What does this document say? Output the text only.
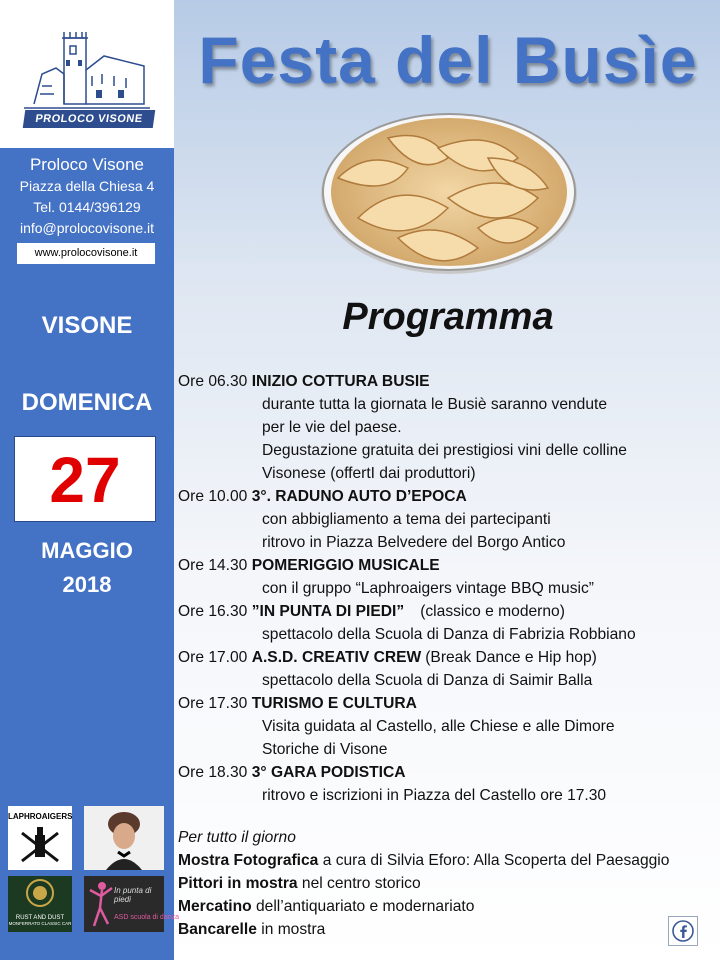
PROLOCO VISONE
Proloco Visone
Piazza della Chiesa 4
Tel. 0144/396129
info@prolocovisone.it
www.prolocovisone.it
VISONE
DOMENICA
27
MAGGIO
2018
LAPHROAIGERS
RUST AND DUST
MONFERRATO CLASSIC CAR
In punta di piedi
ASD scuola di danza
Festa del Busìe
Programma
Ore 06.30 INIZIO COTTURA BUSIE
durante tutta la giornata le Busiè saranno vendute
per le vie del paese.
Degustazione gratuita dei prestigiosi vini delle colline
Visonese (offertI dai produttori)
Ore 10.00 3°. RADUNO AUTO D’EPOCA
con abbigliamento a tema dei partecipanti
ritrovo in Piazza Belvedere del Borgo Antico
Ore 14.30 POMERIGGIO MUSICALE
con il gruppo “Laphroaigers vintage BBQ music”
Ore 16.30 ”IN PUNTA DI PIEDI” (classico e moderno)
spettacolo della Scuola di Danza di Fabrizia Robbiano
Ore 17.00 A.S.D. CREATIV CREW (Break Dance e Hip hop)
spettacolo della Scuola di Danza di Saimir Balla
Ore 17.30 TURISMO E CULTURA
Visita guidata al Castello, alle Chiese e alle Dimore
Storiche di Visone
Ore 18.30 3° GARA PODISTICA
ritrovo e iscrizioni in Piazza del Castello ore 17.30
Per tutto il giorno
Mostra Fotografica a cura di Silvia Eforo: Alla Scoperta del Paesaggio
Pittori in mostra nel centro storico
Mercatino dell’antiquariato e modernariato
Bancarelle in mostra
